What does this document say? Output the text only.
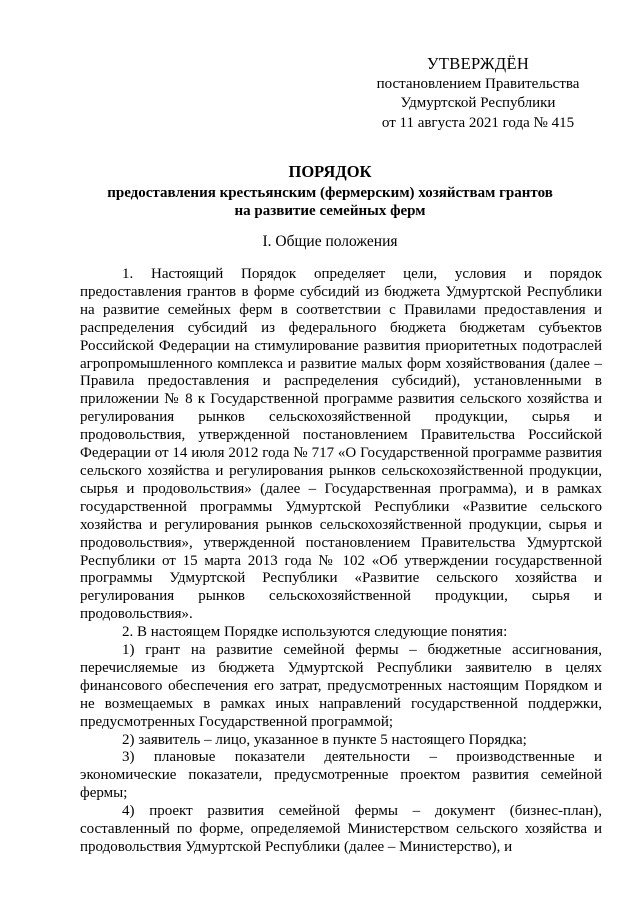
УТВЕРЖДЁН
постановлением Правительства
Удмуртской Республики
от 11 августа 2021 года № 415
ПОРЯДОК
предоставления крестьянским (фермерским) хозяйствам грантов
на развитие семейных ферм
I. Общие положения

1. Настоящий Порядок определяет цели, условия и порядок предоставления грантов в форме субсидий из бюджета Удмуртской Республики на развитие семейных ферм в соответствии с Правилами предоставления и распределения субсидий из федерального бюджета бюджетам субъектов Российской Федерации на стимулирование развития приоритетных подотраслей агропромышленного комплекса и развитие малых форм хозяйствования (далее – Правила предоставления и распределения субсидий), установленными в приложении № 8 к Государственной программе развития сельского хозяйства и регулирования рынков сельскохозяйственной продукции, сырья и продовольствия, утвержденной постановлением Правительства Российской Федерации от 14 июля 2012 года № 717 «О Государственной программе развития сельского хозяйства и регулирования рынков сельскохозяйственной продукции, сырья и продовольствия» (далее – Государственная программа), и в рамках государственной программы Удмуртской Республики «Развитие сельского хозяйства и регулирования рынков сельскохозяйственной продукции, сырья и продовольствия», утвержденной постановлением Правительства Удмуртской Республики от 15 марта 2013 года № 102 «Об утверждении государственной программы Удмуртской Республики «Развитие сельского хозяйства и регулирования рынков сельскохозяйственной продукции, сырья и продовольствия».

2. В настоящем Порядке используются следующие понятия:

1) грант на развитие семейной фермы – бюджетные ассигнования, перечисляемые из бюджета Удмуртской Республики заявителю в целях финансового обеспечения его затрат, предусмотренных настоящим Порядком и не возмещаемых в рамках иных направлений государственной поддержки, предусмотренных Государственной программой;

2) заявитель – лицо, указанное в пункте 5 настоящего Порядка;

3) плановые показатели деятельности – производственные и экономические показатели, предусмотренные проектом развития семейной фермы;

4) проект развития семейной фермы – документ (бизнес-план), составленный по форме, определяемой Министерством сельского хозяйства и продовольствия Удмуртской Республики (далее – Министерство), и
